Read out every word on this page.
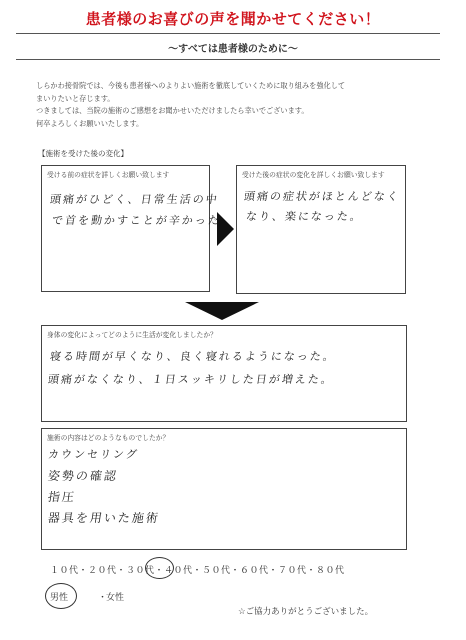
患者様のお喜びの声を聞かせてください！
～すべては患者様のために～
しらかわ接骨院では、今後も患者様へのよりよい施術を徹底していくために取り組みを強化して
まいりたいと存じます。
つきましては、当院の施術のご感想をお聞かせいただけましたら幸いでございます。
何卒よろしくお願いいたします。
【施術を受けた後の変化】
受ける前の症状を詳しくお願い致します
頭痛がひどく、日常生活の中
で首を動かすことが辛かった。
受けた後の症状の変化を詳しくお願い致します
頭痛の症状がほとんどなく
なり、楽になった。
身体の変化によってどのように生活が変化しましたか？
寝る時間が早くなり、良く寝れるようになった。
頭痛がなくなり、１日スッキリした日が増えた。
施術の内容はどのようなものでしたか？
カウンセリング
姿勢の確認
指圧
器具を用いた施術
１０代・２０代・３０代・４０代・５０代・６０代・７０代・８０代
男性	・
女性
☆ご協力ありがとうございました。
